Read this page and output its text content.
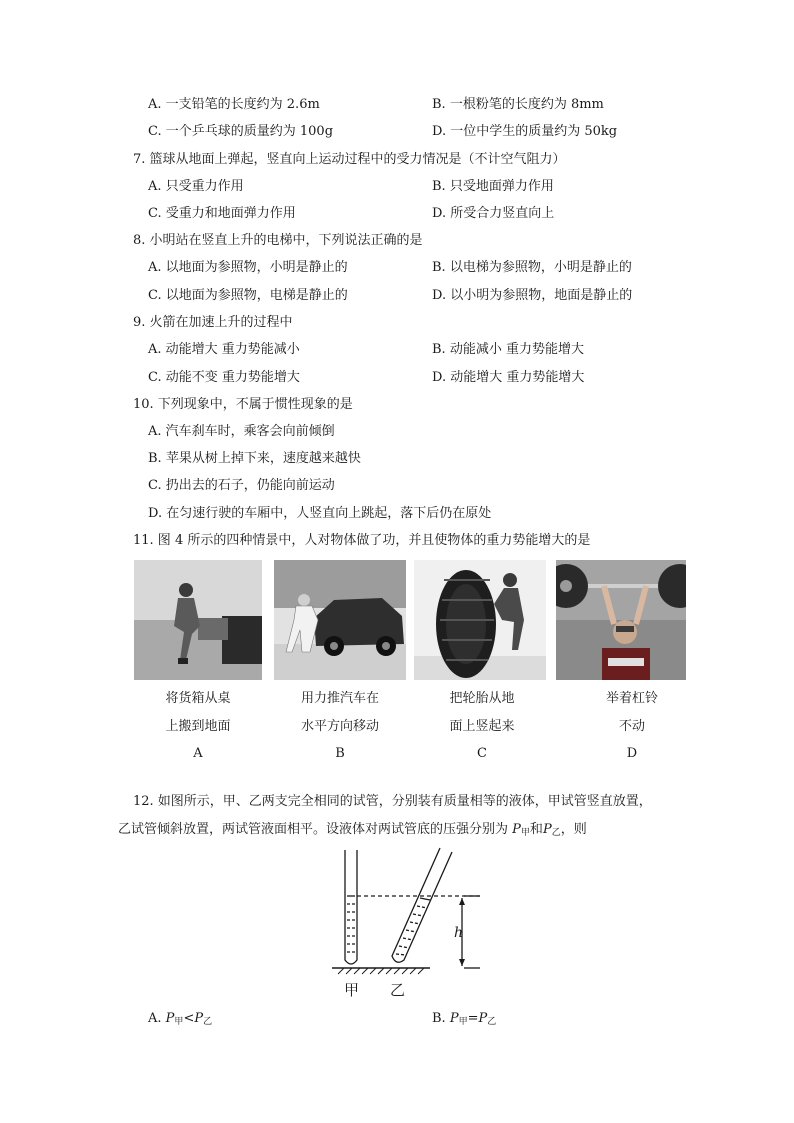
A. 一支铅笔的长度约为 2.6m	B. 一根粉笔的长度约为 8mm
C. 一个乒乓球的质量约为 100g	D. 一位中学生的质量约为 50kg
7. 篮球从地面上弹起，竖直向上运动过程中的受力情况是（不计空气阻力）
A. 只受重力作用	B. 只受地面弹力作用
C. 受重力和地面弹力作用	D. 所受合力竖直向上
8. 小明站在竖直上升的电梯中，下列说法正确的是
A. 以地面为参照物，小明是静止的	B. 以电梯为参照物，小明是静止的
C. 以地面为参照物，电梯是静止的	D. 以小明为参照物，地面是静止的
9. 火箭在加速上升的过程中
A. 动能增大 重力势能减小	B. 动能减小 重力势能增大
C. 动能不变 重力势能增大	D. 动能增大 重力势能增大
10. 下列现象中，不属于惯性现象的是
A. 汽车刹车时，乘客会向前倾倒
B. 苹果从树上掉下来，速度越来越快
C. 扔出去的石子，仍能向前运动
D. 在匀速行驶的车厢中，人竖直向上跳起，落下后仍在原处
11. 图 4 所示的四种情景中，人对物体做了功，并且使物体的重力势能增大的是
将货箱从桌
上搬到地面
A
用力推汽车在
水平方向移动
B
把轮胎从地
面上竖起来
C
举着杠铃
不动
D
12. 如图所示，甲、乙两支完全相同的试管，分别装有质量相等的液体，甲试管竖直放置，
乙试管倾斜放置，两试管液面相平。设液体对两试管底的压强分别为 $P_甲$和$P_乙$，则
h
甲 乙
A. $P_甲<P_乙$	B. $P_甲=P_乙$
